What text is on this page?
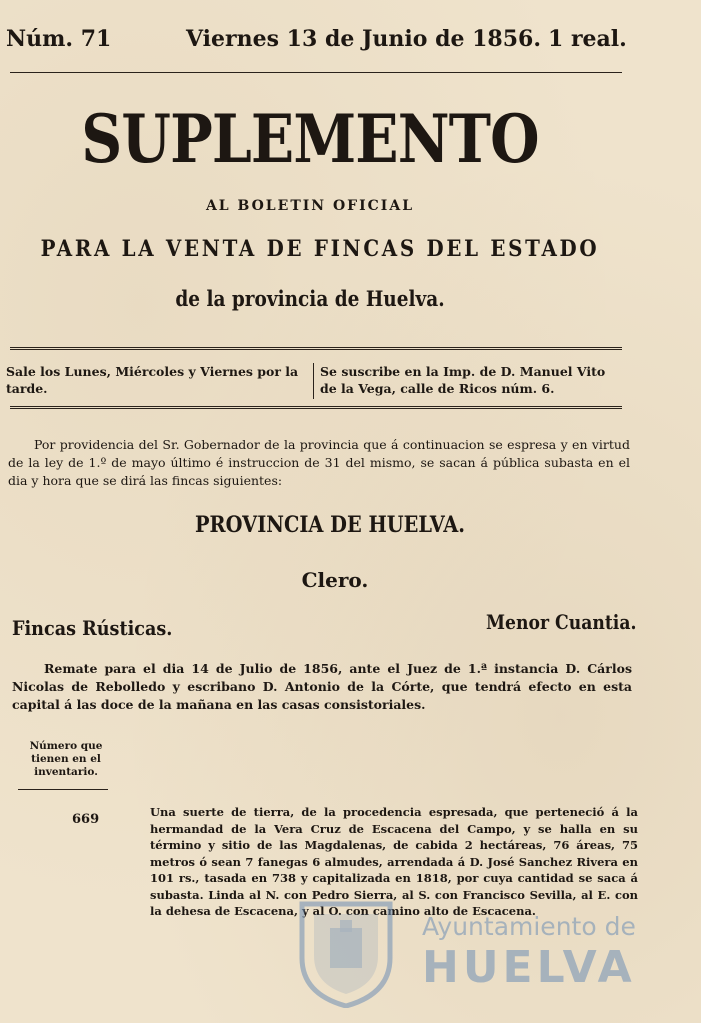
Núm. 71	Viernes 13 de Junio de 1856. 1 real.
SUPLEMENTO
AL BOLETIN OFICIAL
PARA LA VENTA DE FINCAS DEL ESTADO
de la provincia de Huelva.
Sale los Lunes, Miércoles y Viernes por la tarde.
Se suscribe en la Imp. de D. Manuel Vito de la Vega, calle de Ricos núm. 6.
Por providencia del Sr. Gobernador de la provincia que á continuacion se espresa y en virtud de la ley de 1.º de mayo último é instruccion de 31 del mismo, se sacan á pública subasta en el dia y hora que se dirá las fincas siguientes:
PROVINCIA DE HUELVA.
Clero.
Fincas Rústicas.	Menor Cuantia.
Remate para el dia 14 de Julio de 1856, ante el Juez de 1.ª instancia D. Cárlos Nicolas de Rebolledo y escribano D. Antonio de la Córte, que tendrá efecto en esta capital á las doce de la mañana en las casas consistoriales.
Número que tienen en el inventario.
669	Una suerte de tierra, de la procedencia espresada, que perteneció á la hermandad de la Vera Cruz de Escacena del Campo, y se halla en su término y sitio de las Magdalenas, de cabida 2 hectáreas, 76 áreas, 75 metros ó sean 7 fanegas 6 almudes, arrendada á D. José Sanchez Rivera en 101 rs., tasada en 738 y capitalizada en 1818, por cuya cantidad se saca á subasta. Linda al N. con Pedro Sierra, al S. con Francisco Sevilla, al E. con la dehesa de Escacena, y al O. con camino alto de Escacena.
Ayuntamiento de
HUELVA
